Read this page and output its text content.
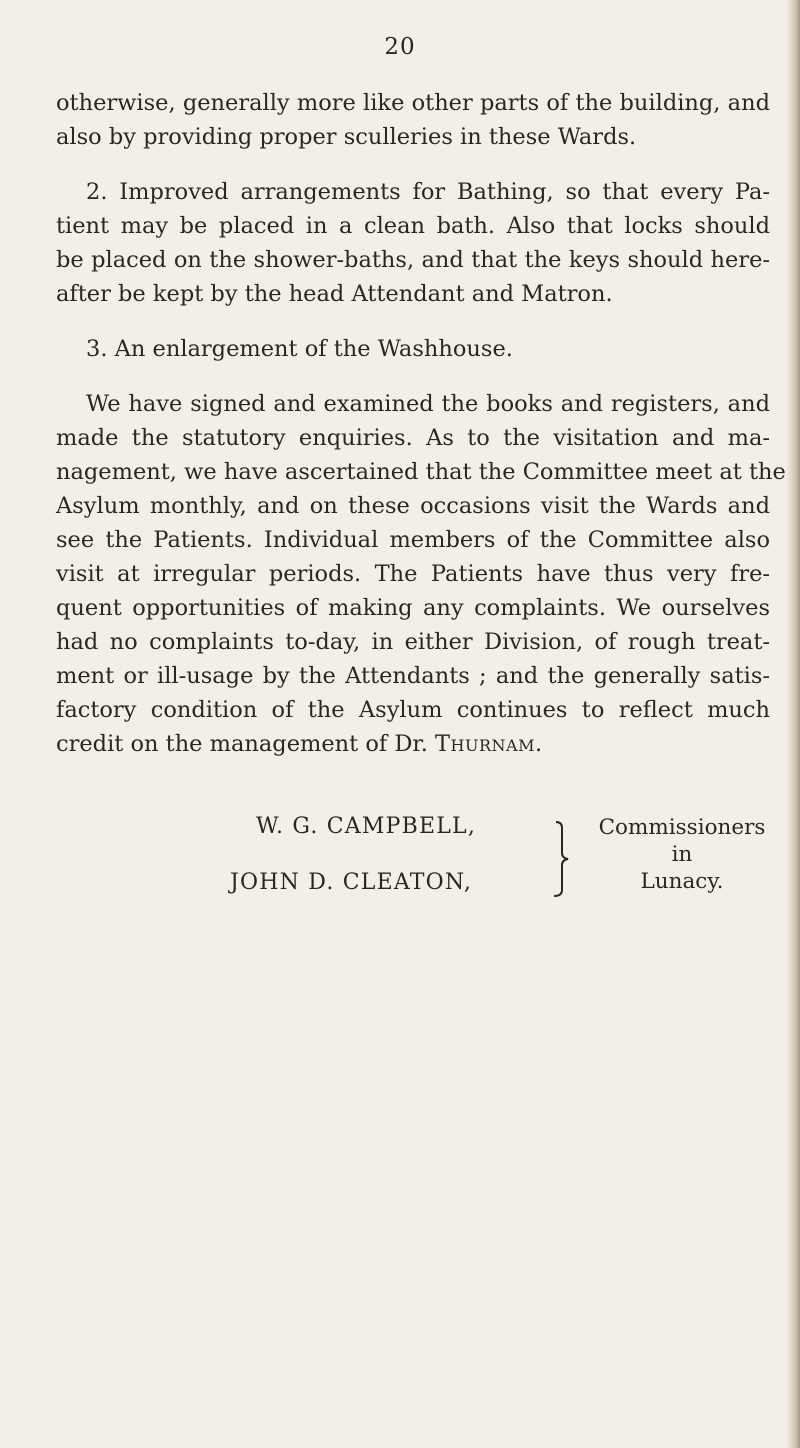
20
otherwise, generally more like other parts of the building, and
also by providing proper sculleries in these Wards.
2. Improved arrangements for Bathing, so that every Pa-
tient may be placed in a clean bath. Also that locks should
be placed on the shower-baths, and that the keys should here-
after be kept by the head Attendant and Matron.
3. An enlargement of the Washhouse.
We have signed and examined the books and registers, and
made the statutory enquiries. As to the visitation and ma-
nagement, we have ascertained that the Committee meet at the
Asylum monthly, and on these occasions visit the Wards and
see the Patients. Individual members of the Committee also
visit at irregular periods. The Patients have thus very fre-
quent opportunities of making any complaints. We ourselves
had no complaints to-day, in either Division, of rough treat-
ment or ill-usage by the Attendants ; and the generally satis-
factory condition of the Asylum continues to reflect much
credit on the management of Dr. Thurnam.
W. G. CAMPBELL,
JOHN D. CLEATON,
Commissioners
in
Lunacy.
